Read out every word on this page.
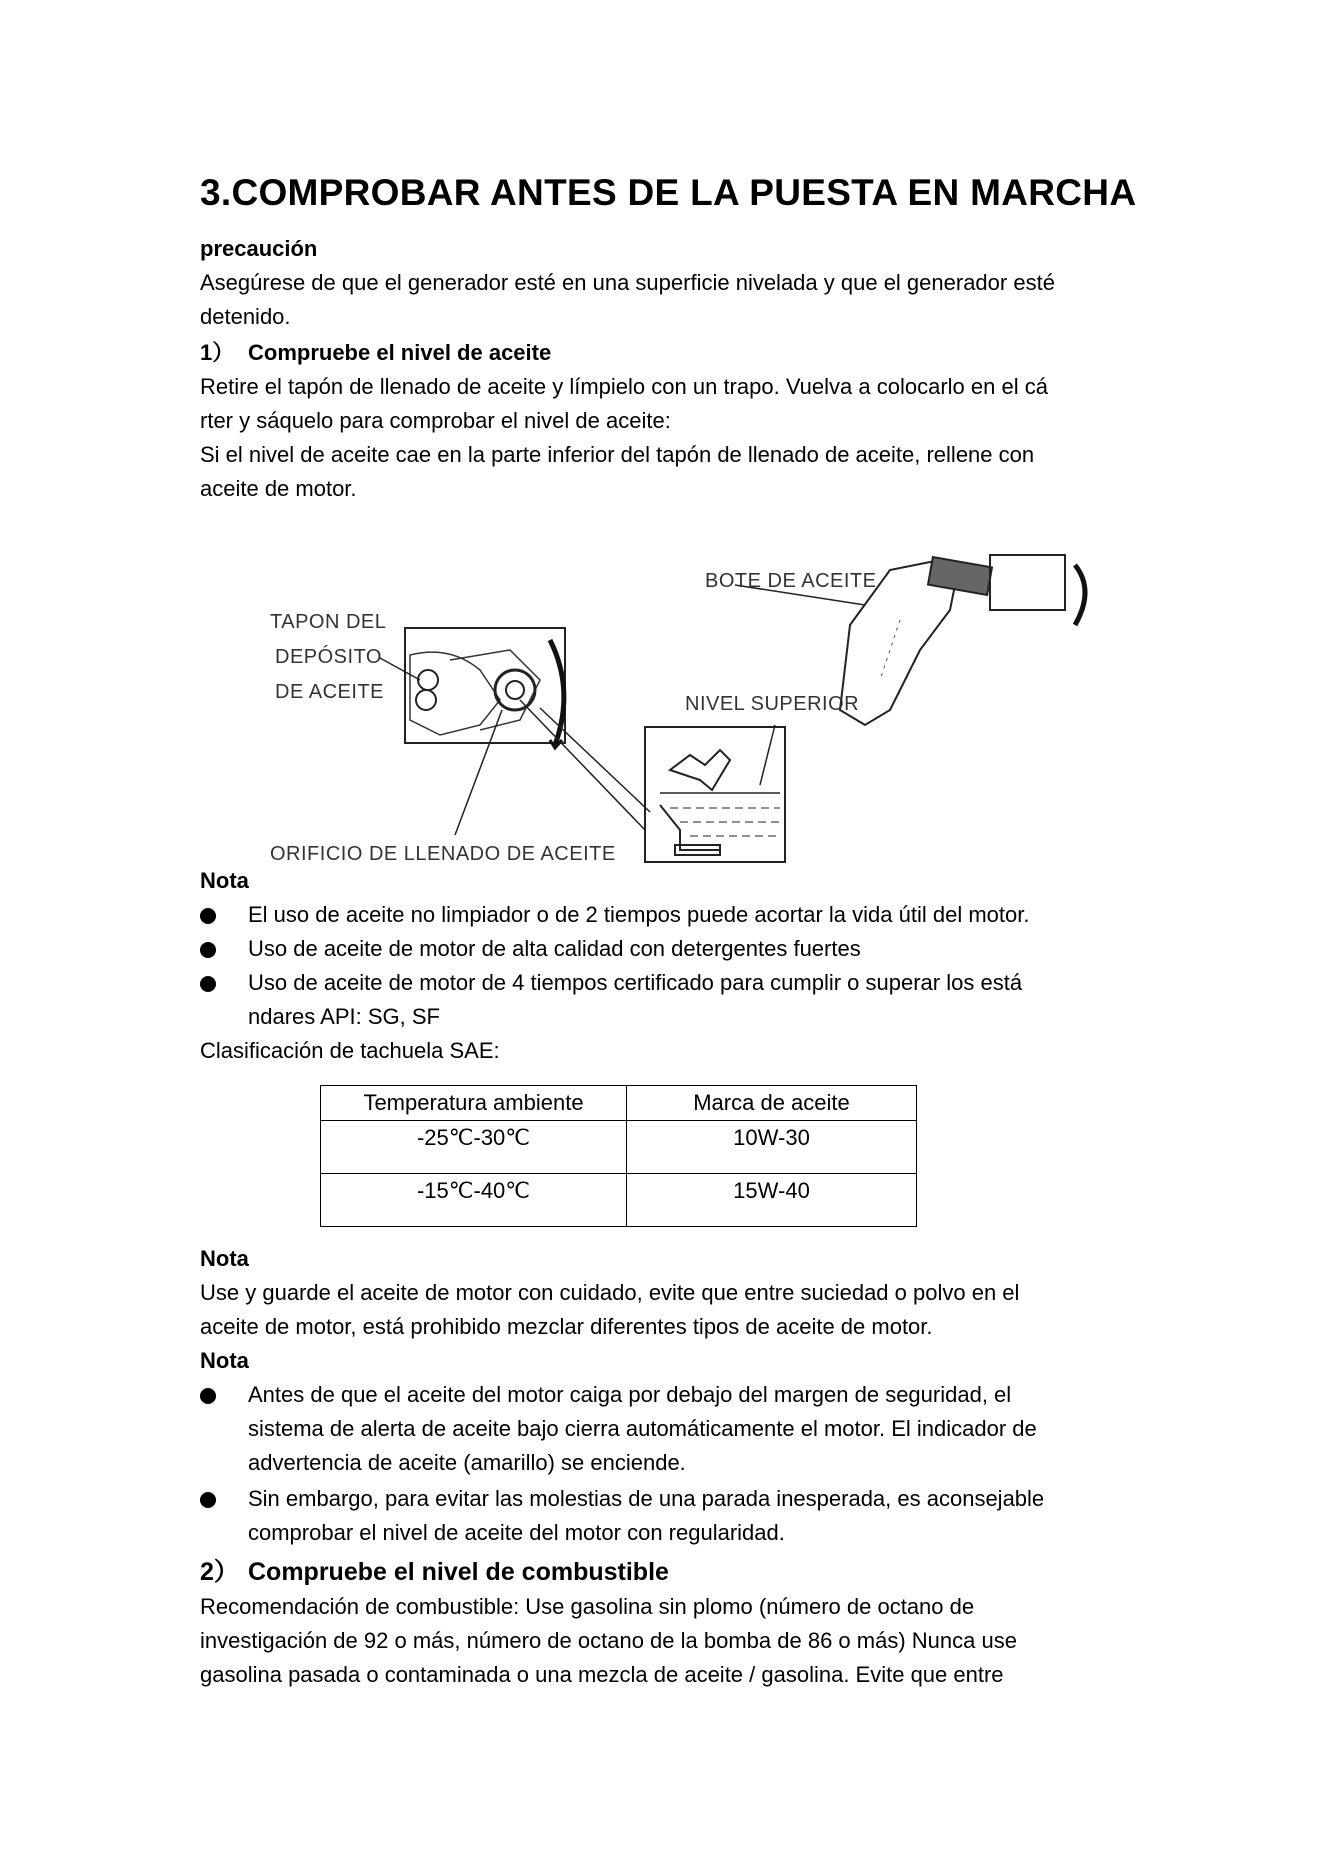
3.COMPROBAR ANTES DE LA PUESTA EN MARCHA
precaución
Asegúrese de que el generador esté en una superficie nivelada y que el generador esté
detenido.
1） Compruebe el nivel de aceite
Retire el tapón de llenado de aceite y límpielo con un trapo. Vuelva a colocarlo en el cá
rter y sáquelo para comprobar el nivel de aceite:
Si el nivel de aceite cae en la parte inferior del tapón de llenado de aceite, rellene con
aceite de motor.
TAPON DEL
DEPÓSITO
DE ACEITE
BOTE DE ACEITE
NIVEL SUPERIOR
ORIFICIO DE LLENADO DE ACEITE
Nota
El uso de aceite no limpiador o de 2 tiempos puede acortar la vida útil del motor.
Uso de aceite de motor de alta calidad con detergentes fuertes
Uso de aceite de motor de 4 tiempos certificado para cumplir o superar los está
ndares API: SG, SF
Clasificación de tachuela SAE:
Temperatura ambiente	Marca de aceite
-25℃-30℃	10W-30
-15℃-40℃	15W-40
Nota
Use y guarde el aceite de motor con cuidado, evite que entre suciedad o polvo en el
aceite de motor, está prohibido mezclar diferentes tipos de aceite de motor.
Nota
Antes de que el aceite del motor caiga por debajo del margen de seguridad, el
sistema de alerta de aceite bajo cierra automáticamente el motor. El indicador de
advertencia de aceite (amarillo) se enciende.
Sin embargo, para evitar las molestias de una parada inesperada, es aconsejable
comprobar el nivel de aceite del motor con regularidad.
2） Compruebe el nivel de combustible
Recomendación de combustible: Use gasolina sin plomo (número de octano de
investigación de 92 o más, número de octano de la bomba de 86 o más) Nunca use
gasolina pasada o contaminada o una mezcla de aceite / gasolina. Evite que entre
